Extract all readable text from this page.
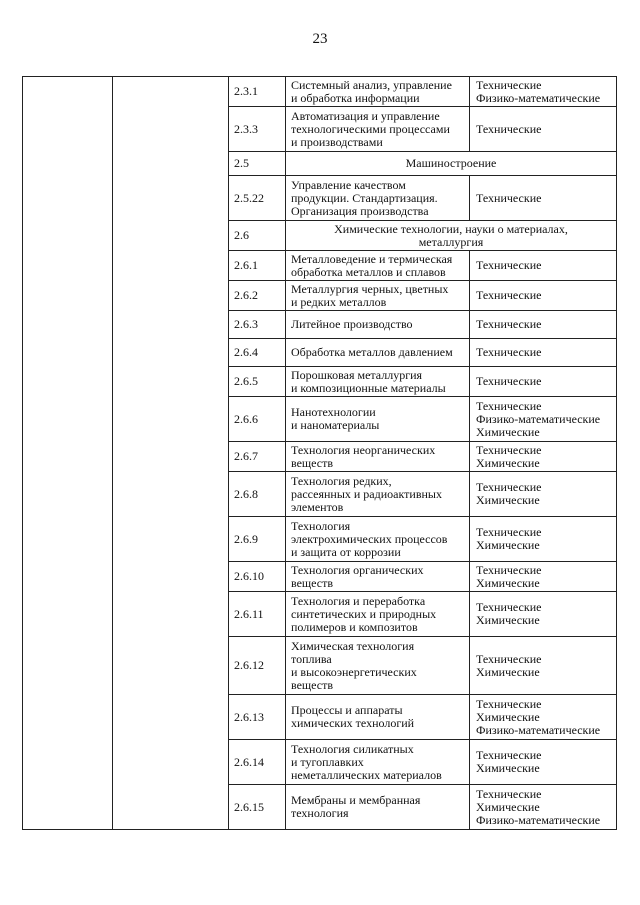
23
		2.3.1	Системный анализ, управление
и обработка информации	Технические
Физико-математические

		2.3.3	Автоматизация и управление
технологическими процессами
и производствами	Технические

		2.5	Машиностроение	

		2.5.22	Управление качеством
продукции. Стандартизация.
Организация производства	Технические

		2.6	Химические технологии, науки о материалах,
металлургия	

		2.6.1	Металловедение и термическая
обработка металлов и сплавов	Технические

		2.6.2	Металлургия черных, цветных
и редких металлов	Технические

		2.6.3	Литейное производство	Технические

		2.6.4	Обработка металлов давлением	Технические

		2.6.5	Порошковая металлургия
и композиционные материалы	Технические

		2.6.6	Нанотехнологии
и наноматериалы	Технические
Физико-математические
Химические

		2.6.7	Технология неорганических
веществ	Технические
Химические

		2.6.8	Технология редких,
рассеянных и радиоактивных
элементов	Технические
Химические

		2.6.9	Технология
электрохимических процессов
и защита от коррозии	Технические
Химические

		2.6.10	Технология органических
веществ	Технические
Химические

		2.6.11	Технология и переработка
синтетических и природных
полимеров и композитов	Технические
Химические

		2.6.12	Химическая технология
топлива
и высокоэнергетических
веществ	Технические
Химические

		2.6.13	Процессы и аппараты
химических технологий	Технические
Химические
Физико-математические

		2.6.14	Технология силикатных
и тугоплавких
неметаллических материалов	Технические
Химические

		2.6.15	Мембраны и мембранная
технология	Технические
Химические
Физико-математические
